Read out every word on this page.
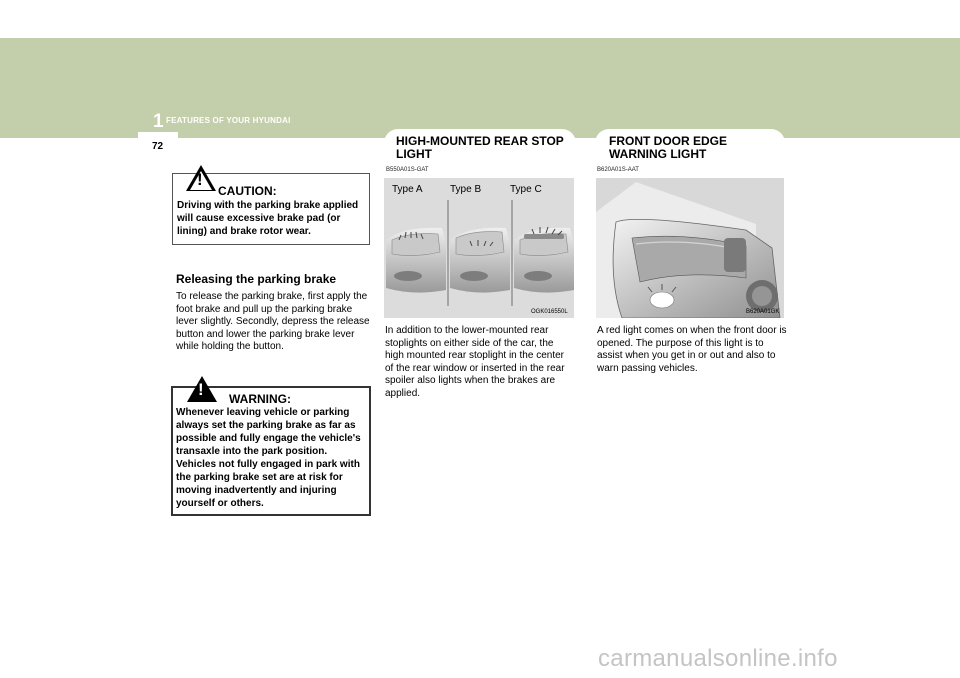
1 FEATURES OF YOUR HYUNDAI
72
!
CAUTION:
Driving with the parking brake applied will cause excessive brake pad (or lining) and brake rotor wear.
Releasing the parking brake
To release the parking brake, first apply the foot brake and pull up the parking brake lever slightly. Secondly, depress the release button and lower the parking brake lever while holding the button.
! WARNING:
Whenever leaving vehicle or parking always set the parking brake as far as possible and fully engage the vehicle's transaxle into the park position. Vehicles not fully engaged in park with the parking brake set are at risk for moving inadvertently and injuring yourself or others.
HIGH-MOUNTED REAR STOP
LIGHT
B550A01S-GAT
Type A	Type B	Type C
OGK016550L
In addition to the lower-mounted rear stoplights on either side of the car, the high mounted rear stoplight in the center of the rear window or inserted in the rear spoiler also lights when the brakes are applied.
FRONT DOOR EDGE
WARNING LIGHT
B620A01S-AAT
B620A01GK
A red light comes on when the front door is opened. The purpose of this light is to assist when you get in or out and also to warn passing vehicles.
carmanualsonline.info
